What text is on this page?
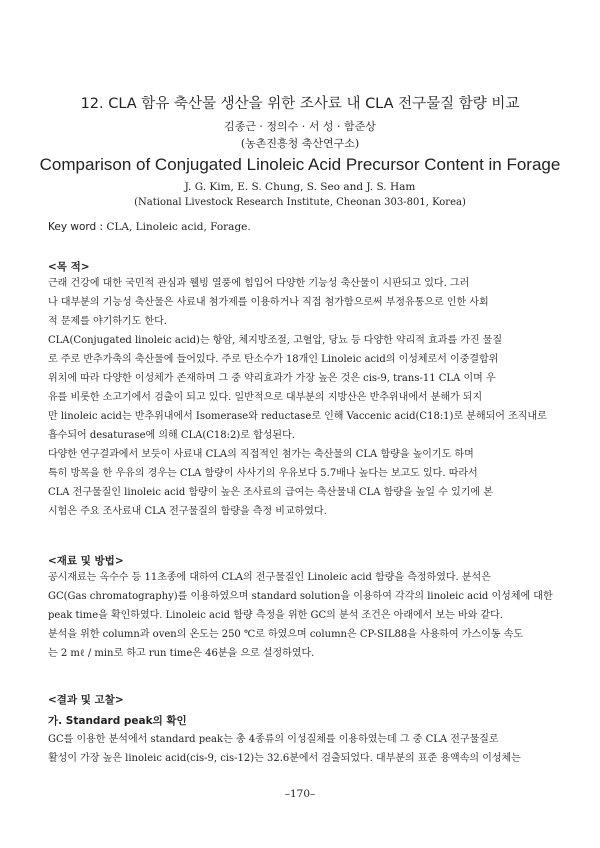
12. CLA 함유 축산물 생산을 위한 조사료 내 CLA 전구물질 함량 비교
김종근 · 정의수 · 서 성 · 함준상
(농촌진흥청 축산연구소)
Comparison of Conjugated Linoleic Acid Precursor Content in Forage
J. G. Kim, E. S. Chung, S. Seo and J. S. Ham
(National Livestock Research Institute, Cheonan 303-801, Korea)
Key word : CLA, Linoleic acid, Forage.
<목 적>
근래 건강에 대한 국민적 관심과 웰빙 열풍에 힘입어 다양한 기능성 축산물이 시판되고 있다. 그러
나 대부분의 기능성 축산물은 사료내 첨가제를 이용하거나 직접 첨가함으로써 부정유통으로 인한 사회
적 문제를 야기하기도 한다.
CLA(Conjugated linoleic acid)는 항암, 체지방조절, 고혈압, 당뇨 등 다양한 약리적 효과를 가진 물질
로 주로 반추가축의 축산물에 들어있다. 주로 탄소수가 18개인 Linoleic acid의 이성체로서 이중결합위
위치에 따라 다양한 이성체가 존재하며 그 중 약리효과가 가장 높은 것은 cis-9, trans-11 CLA 이며 우
유를 비롯한 소고기에서 검출이 되고 있다. 일반적으로 대부분의 지방산은 반추위내에서 분해가 되지
만 linoleic acid는 반추위내에서 Isomerase와 reductase로 인해 Vaccenic acid(C18:1)로 분해되어 조직내로
흡수되어 desaturase에 의해 CLA(C18:2)로 합성된다.
다양한 연구결과에서 보듯이 사료내 CLA의 직접적인 첨가는 축산물의 CLA 함량을 높이기도 하며
특히 방목을 한 우유의 경우는 CLA 함량이 사사기의 우유보다 5.7배나 높다는 보고도 있다. 따라서
CLA 전구물질인 linoleic acid 함량이 높은 조사료의 급여는 축산물내 CLA 함량을 높일 수 있기에 본
시험은 주요 조사료내 CLA 전구물질의 함량을 측정 비교하였다.
<재료 및 방법>
공시재료는 옥수수 등 11초종에 대하여 CLA의 전구물질인 Linoleic acid 함량을 측정하였다. 분석은
GC(Gas chromatography)를 이용하였으며 standard solution을 이용하여 각각의 linoleic acid 이성체에 대한
peak time을 확인하였다. Linoleic acid 함량 측정을 위한 GC의 분석 조건은 아래에서 보는 바와 같다.
분석을 위한 column과 oven의 온도는 250 ℃로 하였으며 column은 CP-SIL88을 사용하여 가스이동 속도
는 2 mℓ / min로 하고 run time은 46분을 으로 설정하였다.
<결과 및 고찰>
가. Standard peak의 확인
GC를 이용한 분석에서 standard peak는 총 4종류의 이성질체를 이용하였는데 그 중 CLA 전구물질로
활성이 가장 높은 linoleic acid(cis-9, cis-12)는 32.6분에서 검출되었다. 대부분의 표준 용액속의 이성체는
–170–
